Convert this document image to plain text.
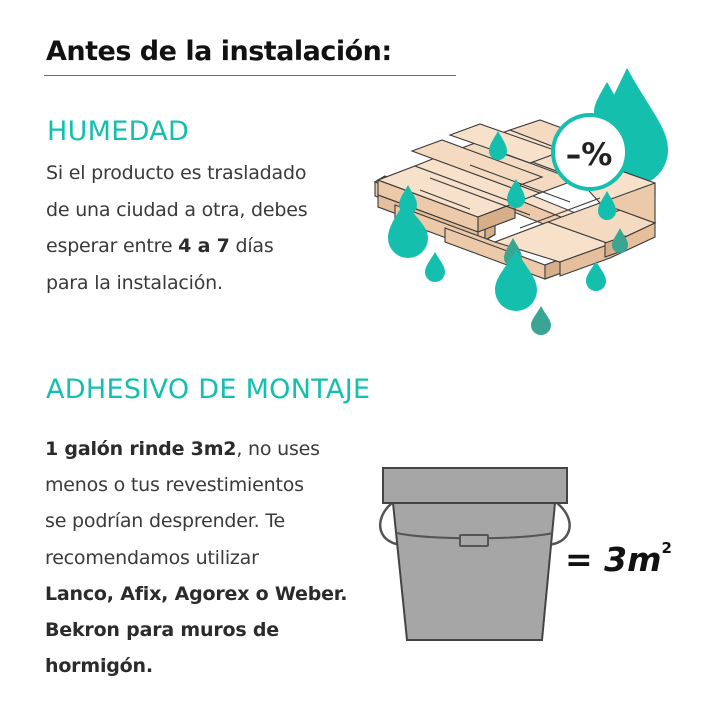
Antes de la instalación:
HUMEDAD
Si el producto es trasladado
de una ciudad a otra, debes
esperar entre 4 a 7 días
para la instalación.
–%
ADHESIVO DE MONTAJE
1 galón rinde 3m2, no uses
menos o tus revestimientos
se podrían desprender. Te
recomendamos utilizar
Lanco, Afix, Agorex o Weber.
Bekron para muros de
hormigón.
= $3m^2$
